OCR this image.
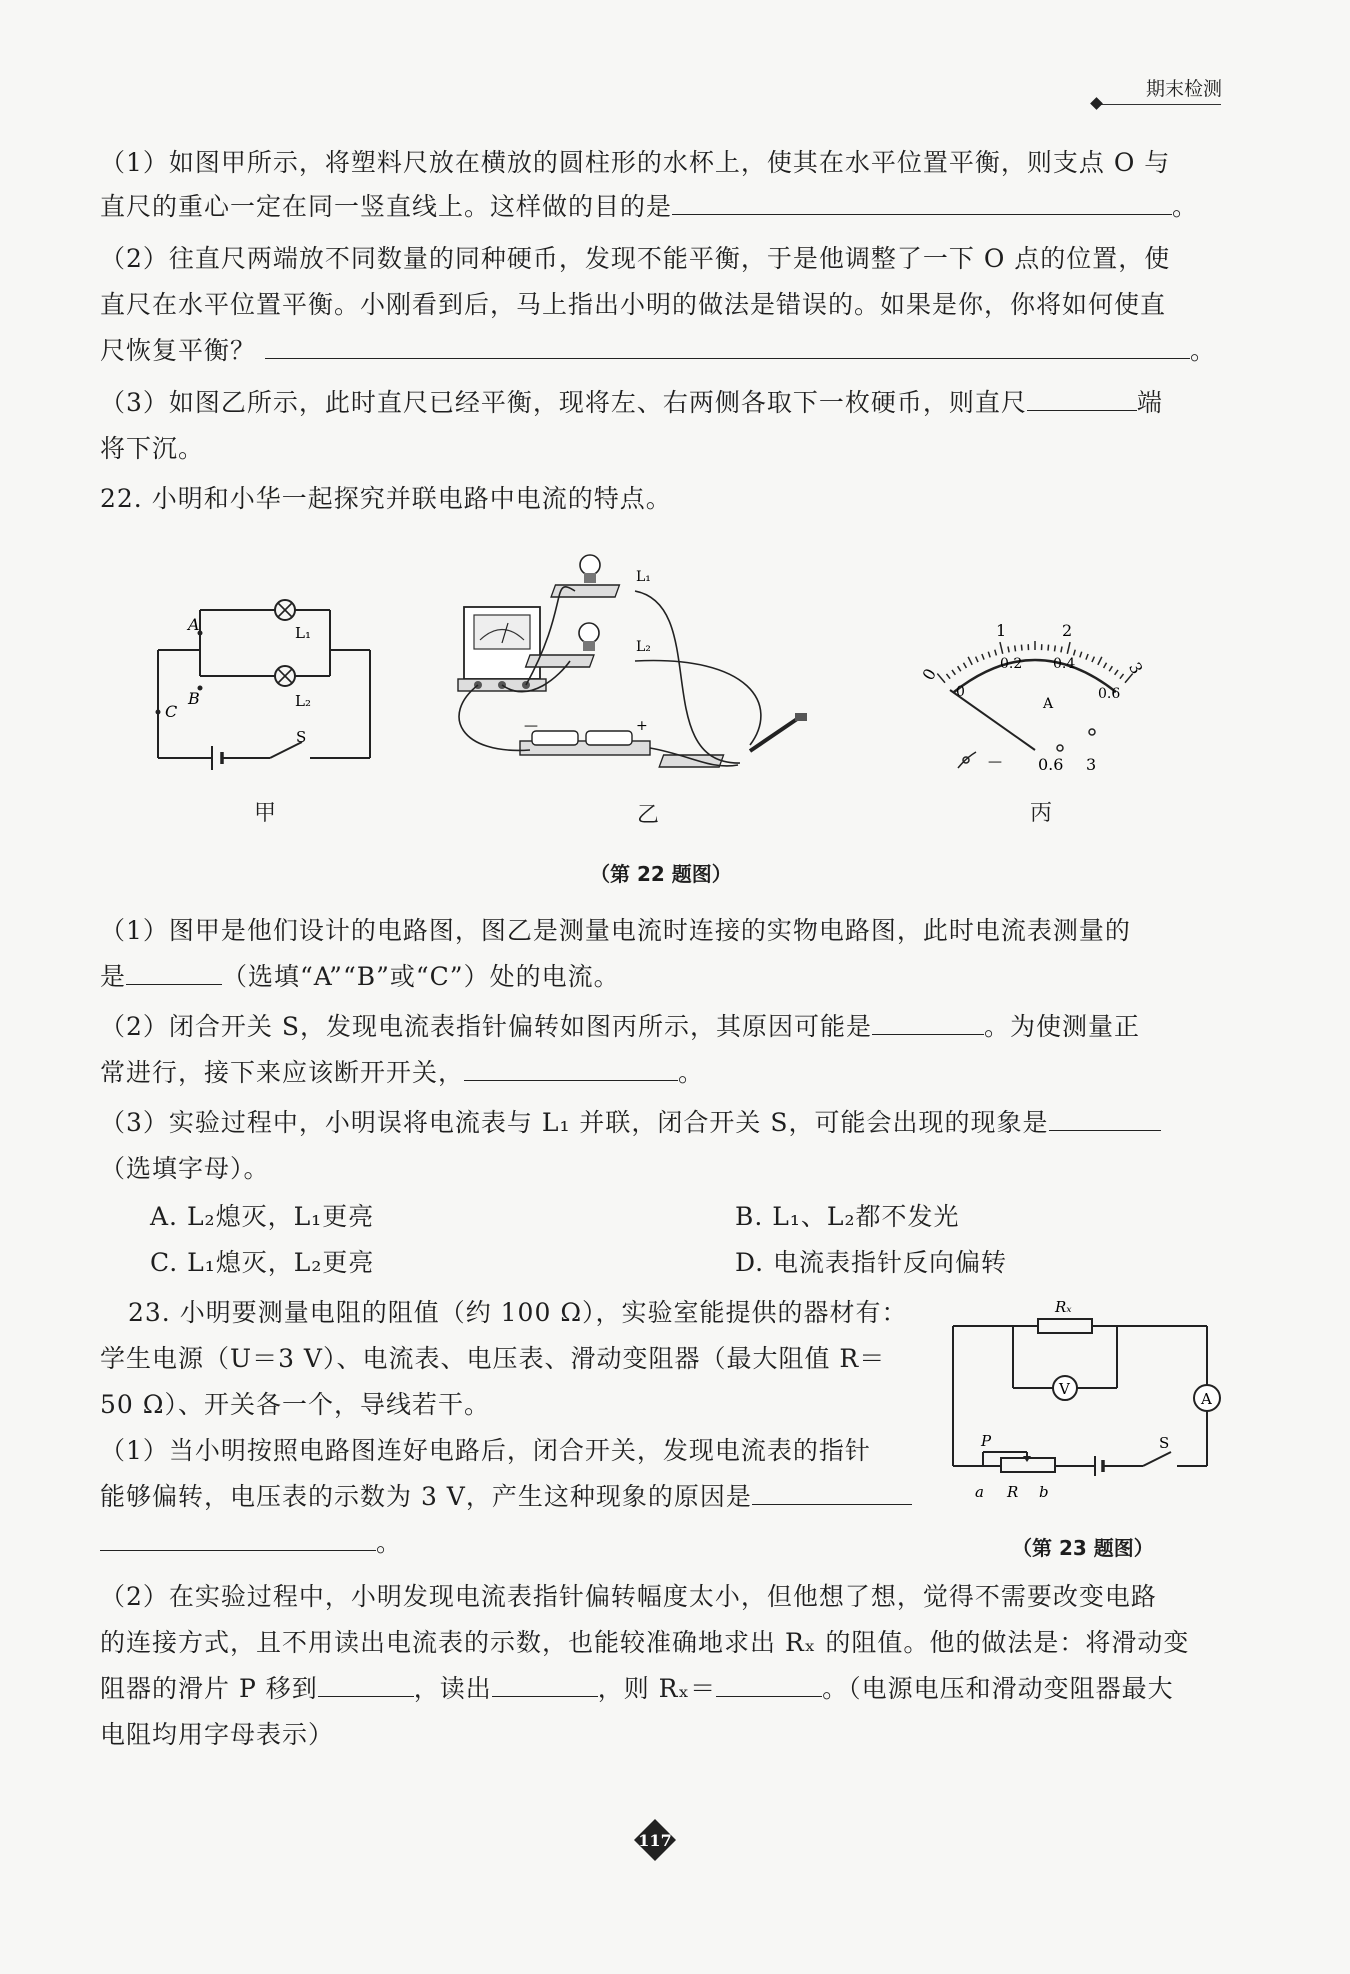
期末检测
（1）如图甲所示，将塑料尺放在横放的圆柱形的水杯上，使其在水平位置平衡，则支点 O 与
直尺的重心一定在同一竖直线上。这样做的目的是	。
（2）往直尺两端放不同数量的同种硬币，发现不能平衡，于是他调整了一下 O 点的位置，使
直尺在水平位置平衡。小刚看到后，马上指出小明的做法是错误的。如果是你，你将如何使直
尺恢复平衡？	。
（3）如图乙所示，此时直尺已经平衡，现将左、右两侧各取下一枚硬币，则直尺	端
将下沉。
22. 小明和小华一起探究并联电路中电流的特点。
A
B
C
L₁
L₂
S
甲
—	+
L₁
L₂
乙
0
1	2
3
0
0.2 0.4
0.6
A
— 0.6 3
丙
（第 22 题图）
（1）图甲是他们设计的电路图，图乙是测量电流时连接的实物电路图，此时电流表测量的
是	（选填“A”“B”或“C”）处的电流。
（2）闭合开关 S，发现电流表指针偏转如图丙所示，其原因可能是	。为使测量正
常进行，接下来应该断开开关，	。
（3）实验过程中，小明误将电流表与 L₁ 并联，闭合开关 S，可能会出现的现象是
（选填字母）。
A. L₂熄灭，L₁更亮	B. L₁、L₂都不发光
C. L₁熄灭，L₂更亮	D. 电流表指针反向偏转
23. 小明要测量电阻的阻值（约 100 Ω），实验室能提供的器材有：
学生电源（U＝3 V）、电流表、电压表、滑动变阻器（最大阻值 R＝
50 Ω）、开关各一个，导线若干。
（1）当小明按照电路图连好电路后，闭合开关，发现电流表的指针
能够偏转，电压表的示数为 3 V，产生这种现象的原因是
。
V
A
Rₓ
P	S
a R b
（第 23 题图）
（2）在实验过程中，小明发现电流表指针偏转幅度太小，但他想了想，觉得不需要改变电路
的连接方式，且不用读出电流表的示数，也能较准确地求出 Rₓ 的阻值。他的做法是：将滑动变
阻器的滑片 P 移到	，读出	，则 Rₓ＝	。（电源电压和滑动变阻器最大
电阻均用字母表示）
117
